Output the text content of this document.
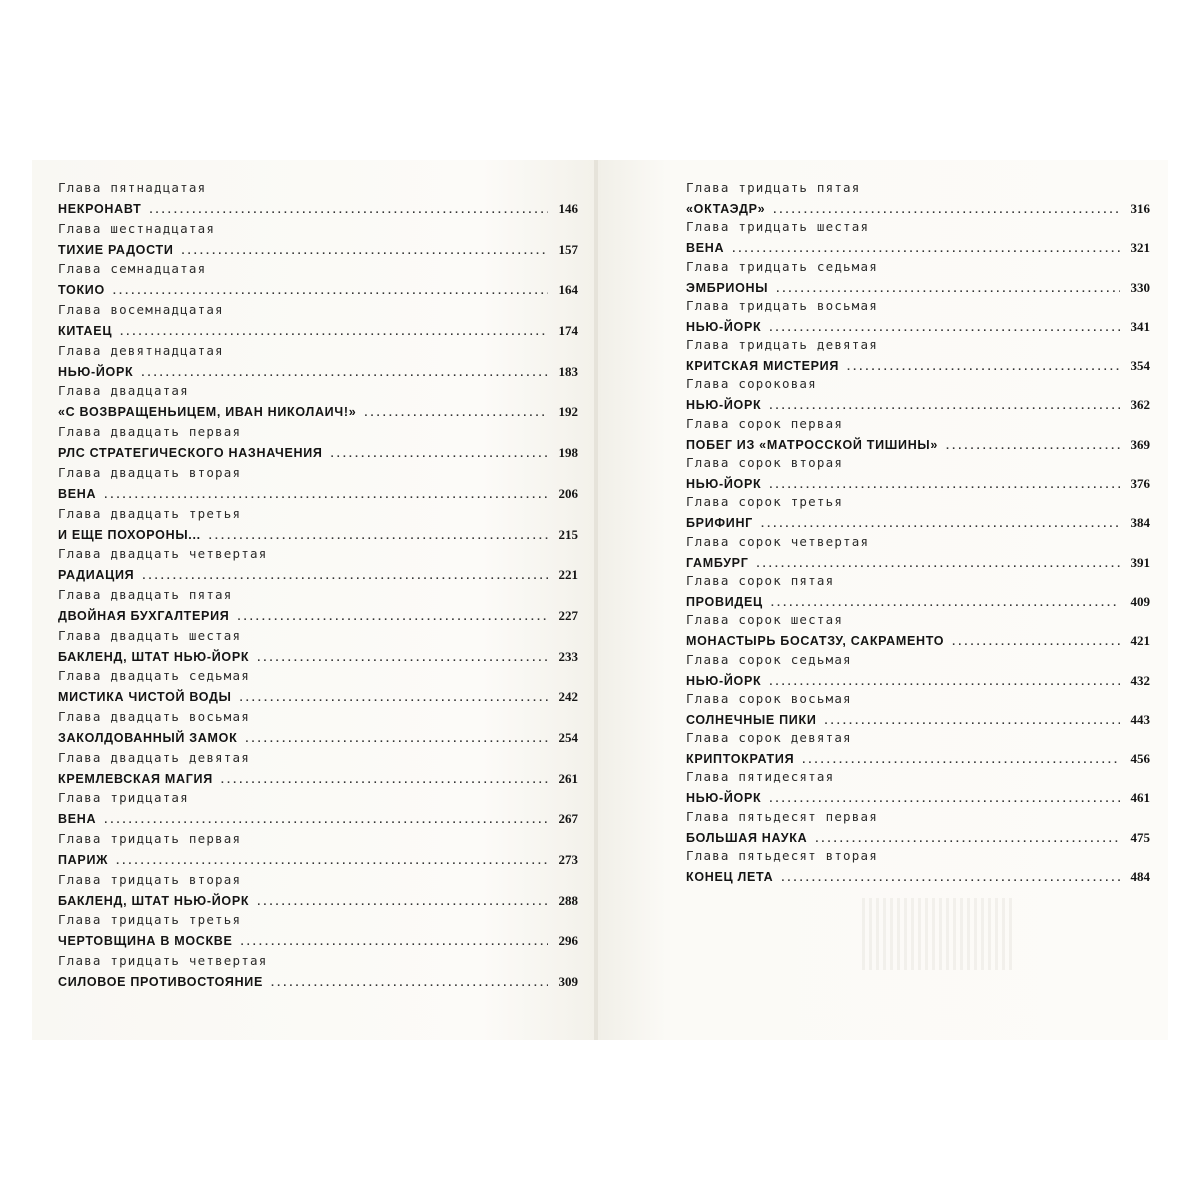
Глава пятнадцатая
НЕКРОНАВТ . . .	146
Глава шестнадцатая
ТИХИЕ РАДОСТИ . . .	157
Глава семнадцатая
ТОКИО . . .	164
Глава восемнадцатая
КИТАЕЦ . . .	174
Глава девятнадцатая
НЬЮ-ЙОРК . . .	183
Глава двадцатая
«С ВОЗВРАЩЕНЬИЦЕМ, ИВАН НИКОЛАИЧ!» . . .	192
Глава двадцать первая
РЛС СТРАТЕГИЧЕСКОГО НАЗНАЧЕНИЯ . . .	198
Глава двадцать вторая
ВЕНА . . .	206
Глава двадцать третья
И ЕЩЕ ПОХОРОНЫ... . . .	215
Глава двадцать четвертая
РАДИАЦИЯ . . .	221
Глава двадцать пятая
ДВОЙНАЯ БУХГАЛТЕРИЯ . . .	227
Глава двадцать шестая
БАКЛЕНД, ШТАТ НЬЮ-ЙОРК . . .	233
Глава двадцать седьмая
МИСТИКА ЧИСТОЙ ВОДЫ . . .	242
Глава двадцать восьмая
ЗАКОЛДОВАННЫЙ ЗАМОК . . .	254
Глава двадцать девятая
КРЕМЛЕВСКАЯ МАГИЯ . . .	261
Глава тридцатая
ВЕНА . . .	267
Глава тридцать первая
ПАРИЖ . . .	273
Глава тридцать вторая
БАКЛЕНД, ШТАТ НЬЮ-ЙОРК . . .	288
Глава тридцать третья
ЧЕРТОВЩИНА В МОСКВЕ . . .	296
Глава тридцать четвертая
СИЛОВОЕ ПРОТИВОСТОЯНИЕ . . .	309
Глава тридцать пятая
«ОКТАЭДР» . . .	316
Глава тридцать шестая
ВЕНА . . .	321
Глава тридцать седьмая
ЭМБРИОНЫ . . .	330
Глава тридцать восьмая
НЬЮ-ЙОРК . . .	341
Глава тридцать девятая
КРИТСКАЯ МИСТЕРИЯ . . .	354
Глава сороковая
НЬЮ-ЙОРК . . .	362
Глава сорок первая
ПОБЕГ ИЗ «МАТРОССКОЙ ТИШИНЫ» . . .	369
Глава сорок вторая
НЬЮ-ЙОРК . . .	376
Глава сорок третья
БРИФИНГ . . .	384
Глава сорок четвертая
ГАМБУРГ . . .	391
Глава сорок пятая
ПРОВИДЕЦ . . .	409
Глава сорок шестая
МОНАСТЫРЬ БОСАТЗУ, САКРАМЕНТО . . .	421
Глава сорок седьмая
НЬЮ-ЙОРК . . .	432
Глава сорок восьмая
СОЛНЕЧНЫЕ ПИКИ . . .	443
Глава сорок девятая
КРИПТОКРАТИЯ . . .	456
Глава пятидесятая
НЬЮ-ЙОРК . . .	461
Глава пятьдесят первая
БОЛЬШАЯ НАУКА . . .	475
Глава пятьдесят вторая
КОНЕЦ ЛЕТА . . .	484
